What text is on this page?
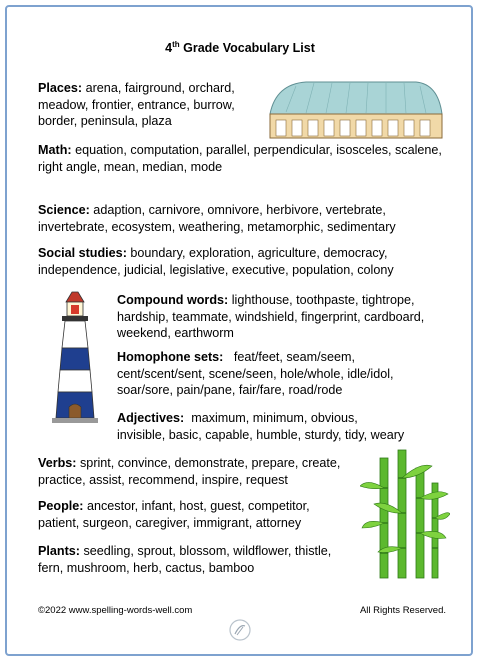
4th Grade Vocabulary List
Places: arena, fairground, orchard, meadow, frontier, entrance, burrow, border, peninsula, plaza
Math: equation, computation, parallel, perpendicular, isosceles, scalene, right angle, mean, median, mode
Science: adaption, carnivore, omnivore, herbivore, vertebrate, invertebrate, ecosystem, weathering, metamorphic, sedimentary
Social studies: boundary, exploration, agriculture, democracy, independence, judicial, legislative, executive, population, colony
Compound words: lighthouse, toothpaste, tightrope, hardship, teammate, windshield, fingerprint, cardboard, weekend, earthworm
Homophone sets:   feat/feet, seam/seem, cent/scent/sent, scene/seen, hole/whole, idle/idol, soar/sore, pain/pane, fair/fare, road/rode
Adjectives:  maximum, minimum, obvious, invisible, basic, capable, humble, sturdy, tidy, weary
Verbs: sprint, convince, demonstrate, prepare, create, practice, assist, recommend, inspire, request
People: ancestor, infant, host, guest, competitor, patient, surgeon, caregiver, immigrant, attorney
Plants: seedling, sprout, blossom, wildflower, thistle, fern, mushroom, herb, cactus, bamboo
©2022 www.spelling-words-well.com	All Rights Reserved.
